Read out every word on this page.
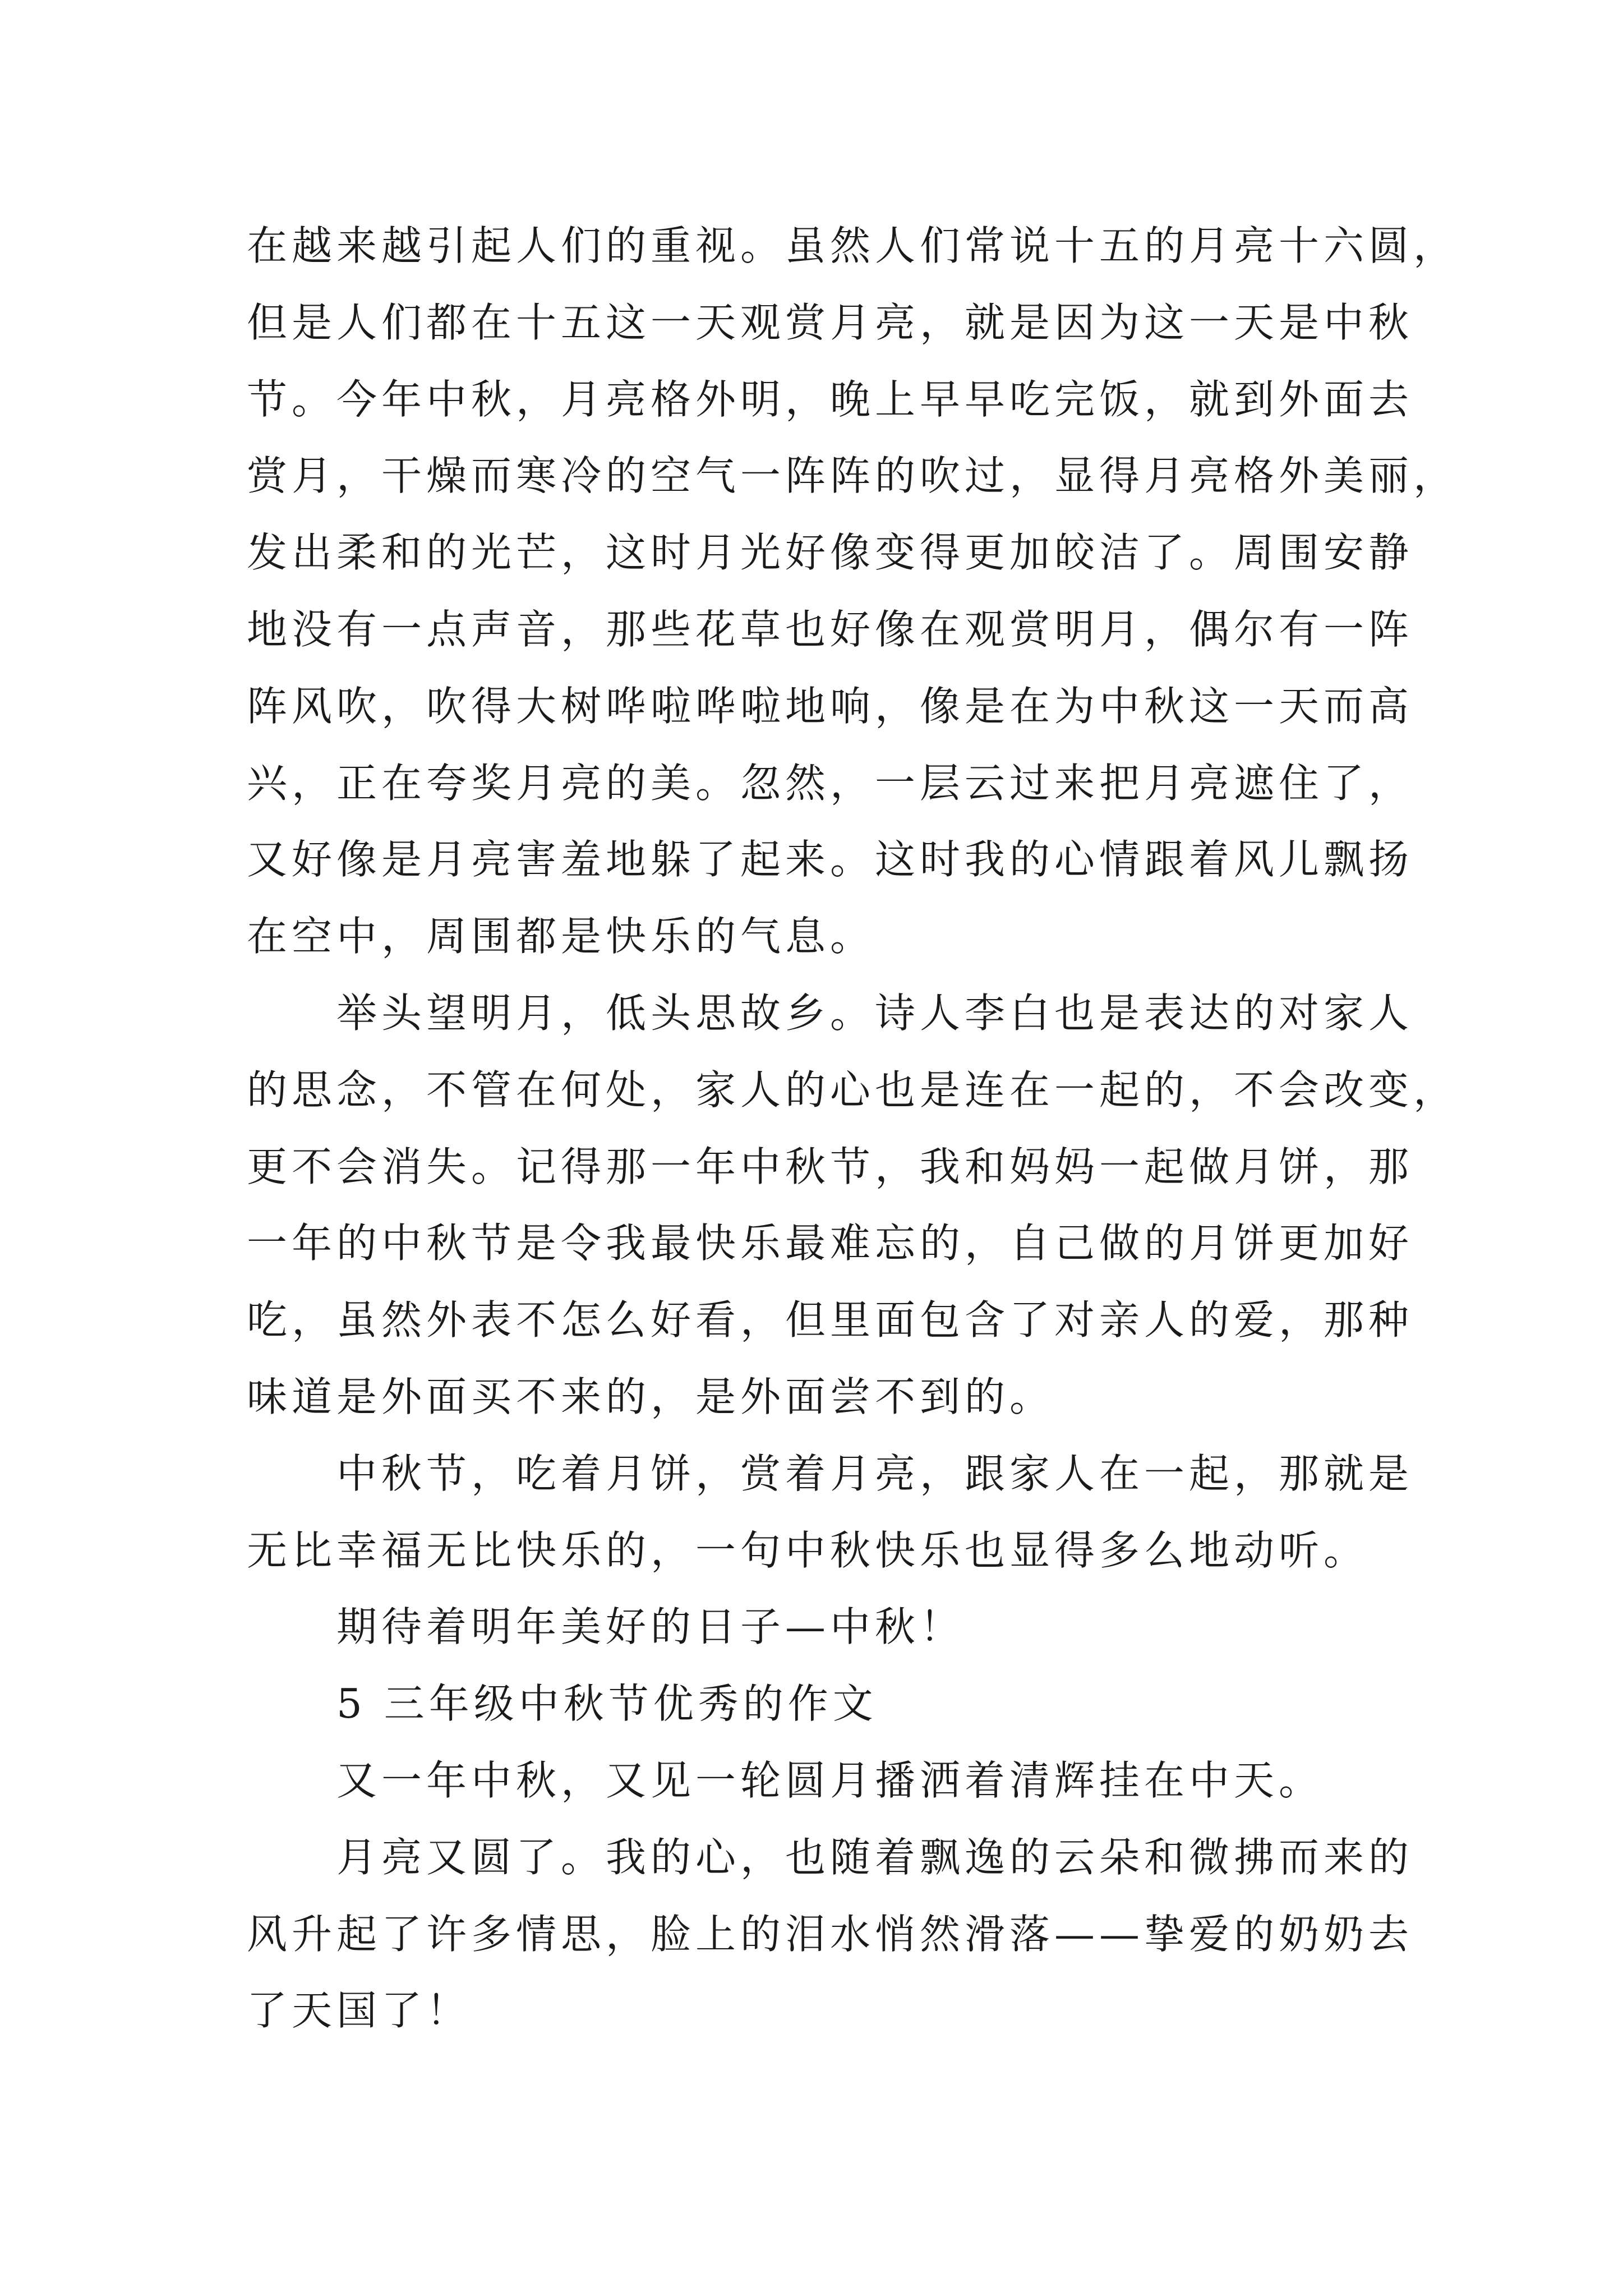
在越来越引起人们的重视。虽然人们常说十五的月亮十六圆，
但是人们都在十五这一天观赏月亮，就是因为这一天是中秋
节。今年中秋，月亮格外明，晚上早早吃完饭，就到外面去
赏月，干燥而寒冷的空气一阵阵的吹过，显得月亮格外美丽，
发出柔和的光芒，这时月光好像变得更加皎洁了。周围安静
地没有一点声音，那些花草也好像在观赏明月，偶尔有一阵
阵风吹，吹得大树哗啦哗啦地响，像是在为中秋这一天而高
兴，正在夸奖月亮的美。忽然，一层云过来把月亮遮住了，
又好像是月亮害羞地躲了起来。这时我的心情跟着风儿飘扬
在空中，周围都是快乐的气息。
举头望明月，低头思故乡。诗人李白也是表达的对家人
的思念，不管在何处，家人的心也是连在一起的，不会改变，
更不会消失。记得那一年中秋节，我和妈妈一起做月饼，那
一年的中秋节是令我最快乐最难忘的，自己做的月饼更加好
吃，虽然外表不怎么好看，但里面包含了对亲人的爱，那种
味道是外面买不来的，是外面尝不到的。
中秋节，吃着月饼，赏着月亮，跟家人在一起，那就是
无比幸福无比快乐的，一句中秋快乐也显得多么地动听。
期待着明年美好的日子—中秋！
5 三年级中秋节优秀的作文
又一年中秋，又见一轮圆月播洒着清辉挂在中天。
月亮又圆了。我的心，也随着飘逸的云朵和微拂而来的
风升起了许多情思，脸上的泪水悄然滑落——挚爱的奶奶去
了天国了！
